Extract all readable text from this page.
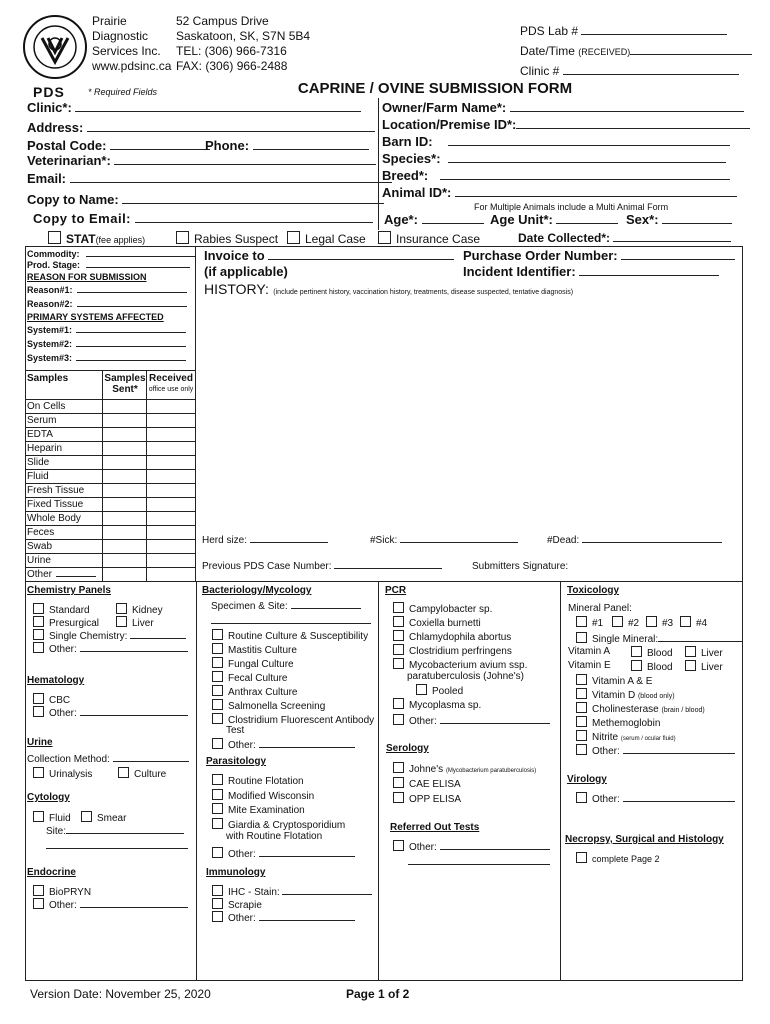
PDS	* Required Fields
Prairie
Diagnostic
Services Inc.
www.pdsinc.ca
52 Campus Drive
Saskatoon, SK, S7N 5B4
TEL: (306) 966-7316
FAX: (306) 966-2488
PDS Lab #
Date/Time (RECEIVED)
Clinic #
CAPRINE / OVINE SUBMISSION FORM
Clinic*:
Address:
Postal Code:	Phone:
Veterinarian*:
Email:
Copy to Name:
Copy to Email:
Owner/Farm Name*:
Location/Premise ID*:
Barn ID:
Species*:
Breed*:
Animal ID*:
For Multiple Animals include a Multi Animal Form
Age*:	Age Unit*:	Sex*:
STAT(fee applies)	Rabies Suspect	Legal Case	Insurance Case	Date Collected*:
Commodity:
Prod. Stage:
REASON FOR SUBMISSION
Reason#1:
Reason#2:
PRIMARY SYSTEMS AFFECTED
System#1:
System#2:
System#3:
Samples	Samples Sent*
Received
office use only
On Cells
Serum
EDTA
Heparin
Slide
Fluid
Fresh Tissue
Fixed Tissue
Whole Body
Feces
Swab
Urine
Other
Invoice to
(if applicable)
Purchase Order Number:
Incident Identifier:
HISTORY: (include pertinent history, vaccination history, treatments, disease suspected, tentative diagnosis)
Herd size:	#Sick:	#Dead:
Previous PDS Case Number:	Submitters Signature:
Chemistry Panels
Standard	Kidney
Presurgical	Liver
Single Chemistry:
Other:
Hematology
CBC
Other:
Urine
Collection Method:
Urinalysis	Culture
Cytology
Fluid	Smear
Site:
Endocrine
BioPRYN
Other:
Bacteriology/Mycology
Specimen & Site:
Routine Culture & Susceptibility
Mastitis Culture
Fungal Culture
Fecal Culture
Anthrax Culture
Salmonella Screening
Clostridium Fluorescent Antibody
Test
Other:
Parasitology
Routine Flotation
Modified Wisconsin
Mite Examination
Giardia & Cryptosporidium
with Routine Flotation
Other:
Immunology
IHC - Stain:
Scrapie
Other:
PCR
Campylobacter sp.
Coxiella burnetti
Chlamydophila abortus
Clostridium perfringens
Mycobacterium avium ssp.
paratuberculosis (Johne's)
Pooled
Mycoplasma sp.
Other:
Serology
Johne's (Mycobacterium paratuberculosis)
CAE ELISA
OPP ELISA
Referred Out Tests
Other:
Toxicology
Mineral Panel:
#1	#2	#3	#4
Single Mineral:
Vitamin A	Blood	Liver
Vitamin E	Blood	Liver
Vitamin A & E
Vitamin D (blood only)
Cholinesterase (brain / blood)
Methemoglobin
Nitrite (serum / ocular fluid)
Other:
Virology
Other:
Necropsy, Surgical and Histology
complete Page 2
Version Date: November 25, 2020	Page 1 of 2
